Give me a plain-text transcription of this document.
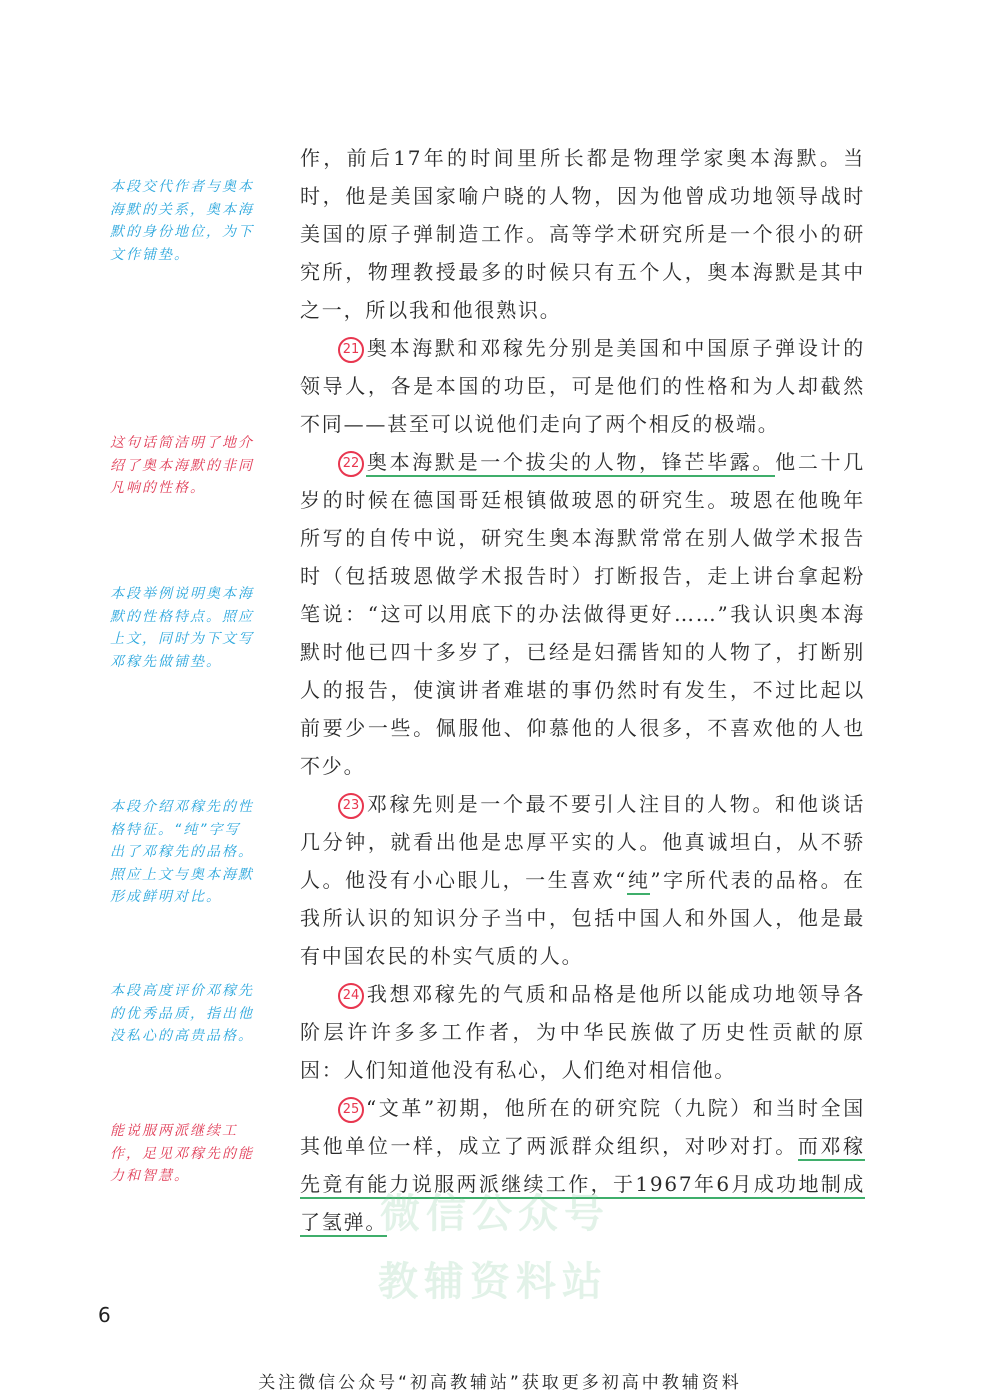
本段交代作者与奥本海默的关系，奥本海默的身份地位，为下文作铺垫。
这句话简洁明了地介绍了奥本海默的非同凡响的性格。
本段举例说明奥本海默的性格特点。照应上文，同时为下文写邓稼先做铺垫。
本段介绍邓稼先的性格特征。“纯”字写出了邓稼先的品格。照应上文与奥本海默形成鲜明对比。
本段高度评价邓稼先的优秀品质，指出他没私心的高贵品格。
能说服两派继续工作，足见邓稼先的能力和智慧。

作，前后17年的时间里所长都是物理学家奥本海默。当时，他是美国家喻户晓的人物，因为他曾成功地领导战时美国的原子弹制造工作。高等学术研究所是一个很小的研究所，物理教授最多的时候只有五个人，奥本海默是其中之一，所以我和他很熟识。

21 奥本海默和邓稼先分别是美国和中国原子弹设计的领导人，各是本国的功臣，可是他们的性格和为人却截然不同——甚至可以说他们走向了两个相反的极端。

22 奥本海默是一个拔尖的人物，锋芒毕露。他二十几岁的时候在德国哥廷根镇做玻恩的研究生。玻恩在他晚年所写的自传中说，研究生奥本海默常常在别人做学术报告时（包括玻恩做学术报告时）打断报告，走上讲台拿起粉笔说：“这可以用底下的办法做得更好……”我认识奥本海默时他已四十多岁了，已经是妇孺皆知的人物了，打断别人的报告，使演讲者难堪的事仍然时有发生，不过比起以前要少一些。佩服他、仰慕他的人很多，不喜欢他的人也不少。

23 邓稼先则是一个最不要引人注目的人物。和他谈话几分钟，就看出他是忠厚平实的人。他真诚坦白，从不骄人。他没有小心眼儿，一生喜欢“纯”字所代表的品格。在我所认识的知识分子当中，包括中国人和外国人，他是最有中国农民的朴实气质的人。

24 我想邓稼先的气质和品格是他所以能成功地领导各阶层许许多多工作者，为中华民族做了历史性贡献的原因：人们知道他没有私心，人们绝对相信他。

25 “文革”初期，他所在的研究院（九院）和当时全国其他单位一样，成立了两派群众组织，对吵对打。而邓稼先竟有能力说服两派继续工作，于1967年6月成功地制成了氢弹。

微信公众号
教辅资料站
6
关注微信公众号“初高教辅站”获取更多初高中教辅资料
